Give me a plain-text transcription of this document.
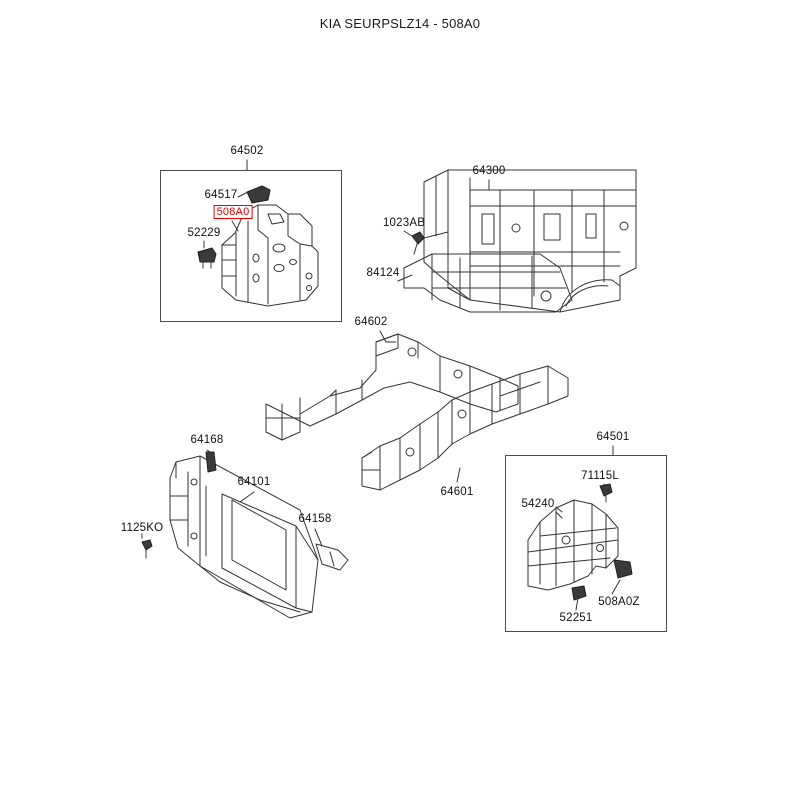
KIA SEURPSLZ14 - 508A0
64502
64517
508A0
52229
64300
1023AB
84124
64602
64601
64168
64101
64158
1125KO
64501
71115L
54240
508A0Z
52251
